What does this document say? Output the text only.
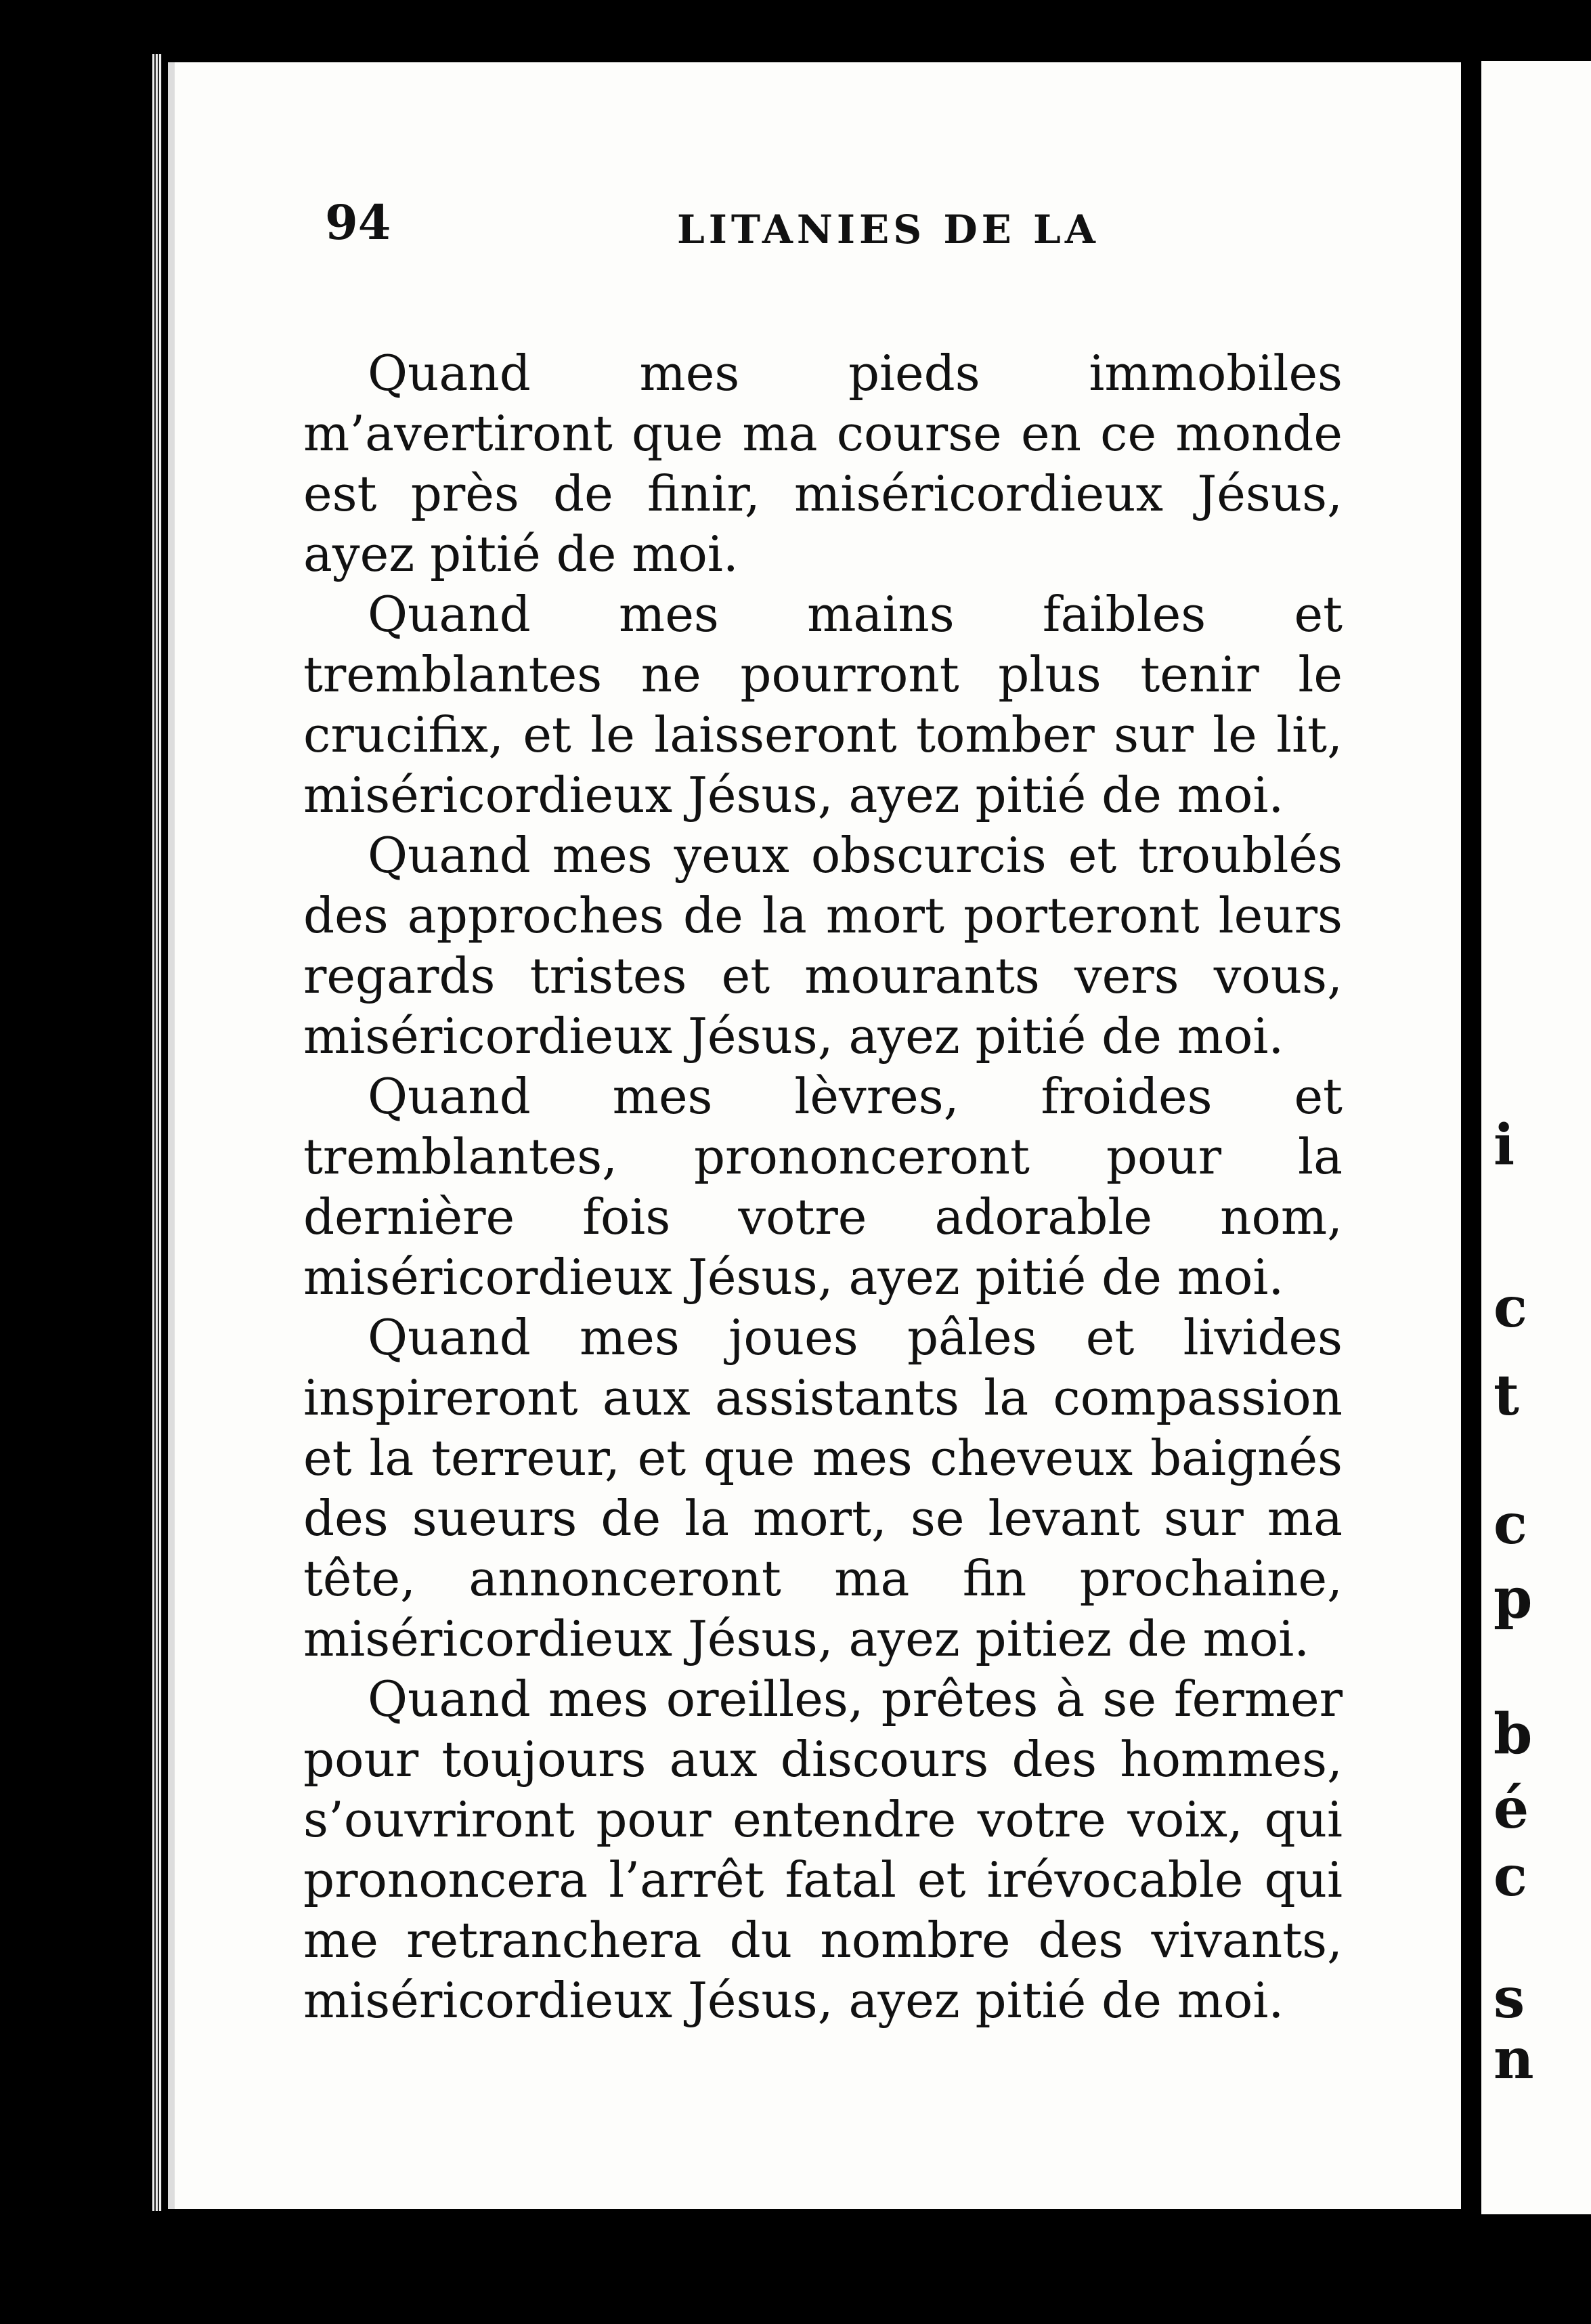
94	LITANIES DE LA

Quand mes pieds immobiles m’avertiront que ma course en ce monde est près de finir, miséricordieux Jésus, ayez pitié de moi.

Quand mes mains faibles et tremblantes ne pourront plus tenir le crucifix, et le laisseront tomber sur le lit, miséricordieux Jésus, ayez pitié de moi.

Quand mes yeux obscurcis et troublés des approches de la mort porteront leurs regards tristes et mourants vers vous, miséricordieux Jésus, ayez pitié de moi.

Quand mes lèvres, froides et tremblantes, prononceront pour la dernière fois votre adorable nom, miséricordieux Jésus, ayez pitié de moi.

Quand mes joues pâles et livides inspireront aux assistants la compassion et la terreur, et que mes cheveux baignés des sueurs de la mort, se levant sur ma tête, annonceront ma fin prochaine, miséricordieux Jésus, ayez pitiez de moi.

Quand mes oreilles, prêtes à se fermer pour toujours aux discours des hommes, s’ouvriront pour entendre votre voix, qui prononcera l’arrêt fatal et irévocable qui me retranchera du nombre des vivants, miséricordieux Jésus, ayez pitié de moi.

i
c
t
c
p
b
é
c
s
n
